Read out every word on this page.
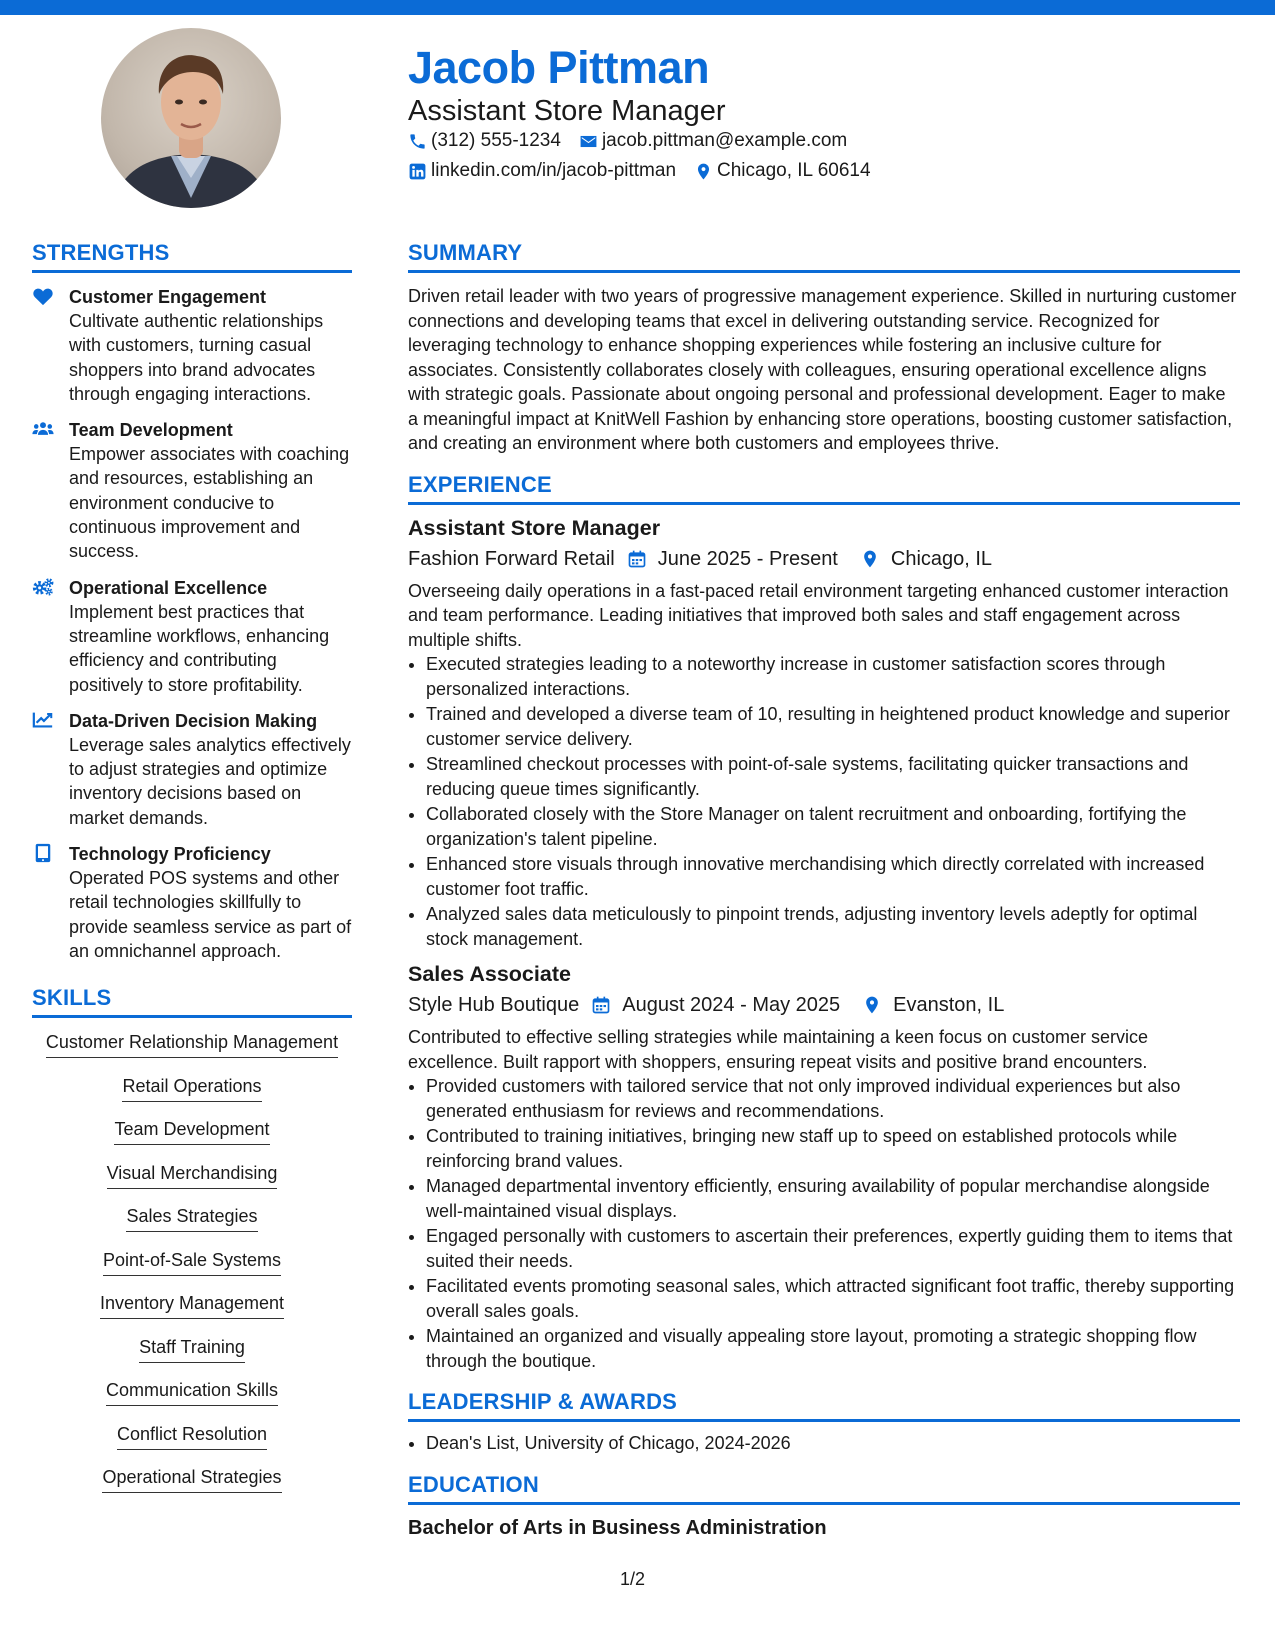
Jacob Pittman
Assistant Store Manager
(312) 555-1234 jacob.pittman@example.com
linkedin.com/in/jacob-pittman Chicago, IL 60614
STRENGTHS
Customer Engagement
Cultivate authentic relationships with customers, turning casual shoppers into brand advocates through engaging interactions.
Team Development
Empower associates with coaching and resources, establishing an environment conducive to continuous improvement and success.
Operational Excellence
Implement best practices that streamline workflows, enhancing efficiency and contributing positively to store profitability.
Data-Driven Decision Making
Leverage sales analytics effectively to adjust strategies and optimize inventory decisions based on market demands.
Technology Proficiency
Operated POS systems and other retail technologies skillfully to provide seamless service as part of an omnichannel approach.
SKILLS
Customer Relationship Management
Retail Operations
Team Development
Visual Merchandising
Sales Strategies
Point-of-Sale Systems
Inventory Management
Staff Training
Communication Skills
Conflict Resolution
Operational Strategies
SUMMARY

Driven retail leader with two years of progressive management experience. Skilled in nurturing customer connections and developing teams that excel in delivering outstanding service. Recognized for leveraging technology to enhance shopping experiences while fostering an inclusive culture for associates. Consistently collaborates closely with colleagues, ensuring operational excellence aligns with strategic goals. Passionate about ongoing personal and professional development. Eager to make a meaningful impact at KnitWell Fashion by enhancing store operations, boosting customer satisfaction, and creating an environment where both customers and employees thrive.

EXPERIENCE
Assistant Store Manager
Fashion Forward Retail June 2025 - Present	Chicago, IL
Overseeing daily operations in a fast-paced retail environment targeting enhanced customer interaction and team performance. Leading initiatives that improved both sales and staff engagement across multiple shifts.
• Executed strategies leading to a noteworthy increase in customer satisfaction scores through personalized interactions.
• Trained and developed a diverse team of 10, resulting in heightened product knowledge and superior customer service delivery.
• Streamlined checkout processes with point-of-sale systems, facilitating quicker transactions and reducing queue times significantly.
• Collaborated closely with the Store Manager on talent recruitment and onboarding, fortifying the organization's talent pipeline.
• Enhanced store visuals through innovative merchandising which directly correlated with increased customer foot traffic.
• Analyzed sales data meticulously to pinpoint trends, adjusting inventory levels adeptly for optimal stock management.
Sales Associate
Style Hub Boutique August 2024 - May 2025	Evanston, IL
Contributed to effective selling strategies while maintaining a keen focus on customer service excellence. Built rapport with shoppers, ensuring repeat visits and positive brand encounters.
• Provided customers with tailored service that not only improved individual experiences but also generated enthusiasm for reviews and recommendations.
• Contributed to training initiatives, bringing new staff up to speed on established protocols while reinforcing brand values.
• Managed departmental inventory efficiently, ensuring availability of popular merchandise alongside well-maintained visual displays.
• Engaged personally with customers to ascertain their preferences, expertly guiding them to items that suited their needs.
• Facilitated events promoting seasonal sales, which attracted significant foot traffic, thereby supporting overall sales goals.
• Maintained an organized and visually appealing store layout, promoting a strategic shopping flow through the boutique.
LEADERSHIP & AWARDS
• Dean's List, University of Chicago, 2024-2026
EDUCATION
Bachelor of Arts in Business Administration
1/2
